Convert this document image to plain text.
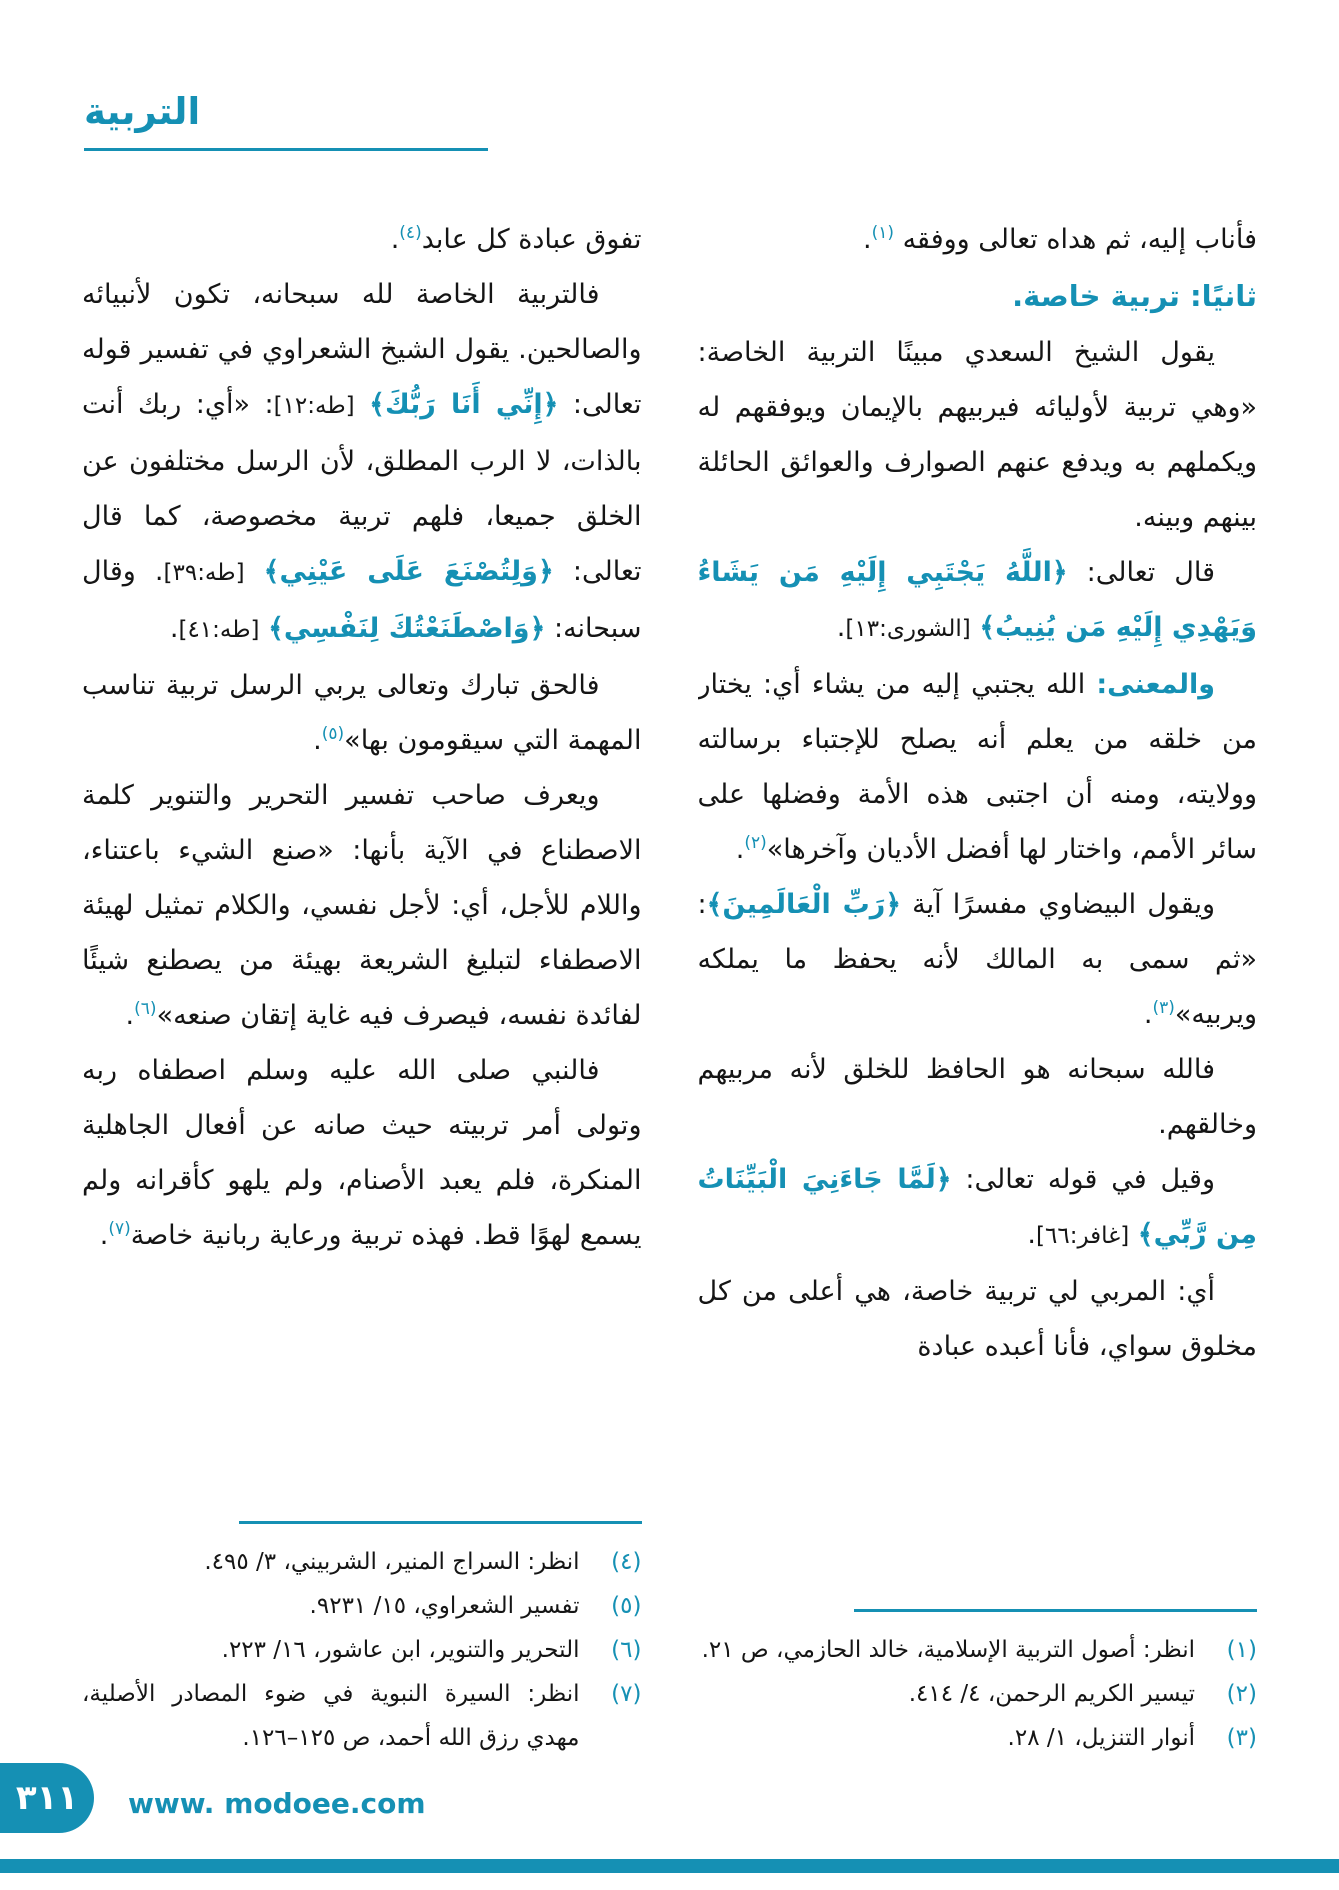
التربية

فأناب إليه، ثم هداه تعالى ووفقه $^{(١)}$.

ثانيًا: تربية خاصة.

يقول الشيخ السعدي مبينًا التربية الخاصة: «وهي تربية لأوليائه فيربيهم بالإيمان ويوفقهم له ويكملهم به ويدفع عنهم الصوارف والعوائق الحائلة بينهم وبينه.

قال تعالى: ﴿اللَّهُ يَجْتَبِي إِلَيْهِ مَن يَشَاءُ وَيَهْدِي إِلَيْهِ مَن يُنِيبُ﴾ [الشورى:١٣].

والمعنى: الله يجتبي إليه من يشاء أي: يختار من خلقه من يعلم أنه يصلح للإجتباء برسالته وولايته، ومنه أن اجتبى هذه الأمة وفضلها على سائر الأمم، واختار لها أفضل الأديان وآخرها»$^{(٢)}$.

ويقول البيضاوي مفسرًا آية ﴿رَبِّ الْعَالَمِينَ﴾: «ثم سمى به المالك لأنه يحفظ ما يملكه ويربيه»$^{(٣)}$.

فالله سبحانه هو الحافظ للخلق لأنه مربيهم وخالقهم.

وقيل في قوله تعالى: ﴿لَمَّا جَاءَنِيَ الْبَيِّنَاتُ مِن رَّبِّي﴾ [غافر:٦٦].

أي: المربي لي تربية خاصة، هي أعلى من كل مخلوق سواي، فأنا أعبده عبادة

(١)
انظر: أصول التربية الإسلامية، خالد الحازمي، ص ٢١.
(٢)
تيسير الكريم الرحمن، ٤/ ٤١٤.
(٣)
أنوار التنزيل، ١/ ٢٨.

تفوق عبادة كل عابد$^{(٤)}$.

فالتربية الخاصة لله سبحانه، تكون لأنبيائه والصالحين. يقول الشيخ الشعراوي في تفسير قوله تعالى: ﴿إِنِّي أَنَا رَبُّكَ﴾ [طه:١٢]: «أي: ربك أنت بالذات، لا الرب المطلق، لأن الرسل مختلفون عن الخلق جميعا، فلهم تربية مخصوصة، كما قال تعالى: ﴿وَلِتُصْنَعَ عَلَى عَيْنِي﴾ [طه:٣٩]. وقال سبحانه: ﴿وَاصْطَنَعْتُكَ لِنَفْسِي﴾ [طه:٤١].

فالحق تبارك وتعالى يربي الرسل تربية تناسب المهمة التي سيقومون بها»$^{(٥)}$.

ويعرف صاحب تفسير التحرير والتنوير كلمة الاصطناع في الآية بأنها: «صنع الشيء باعتناء، واللام للأجل، أي: لأجل نفسي، والكلام تمثيل لهيئة الاصطفاء لتبليغ الشريعة بهيئة من يصطنع شيئًا لفائدة نفسه، فيصرف فيه غاية إتقان صنعه»$^{(٦)}$.

فالنبي صلى الله عليه وسلم اصطفاه ربه وتولى أمر تربيته حيث صانه عن أفعال الجاهلية المنكرة، فلم يعبد الأصنام، ولم يلهو كأقرانه ولم يسمع لهوًا قط. فهذه تربية ورعاية ربانية خاصة$^{(٧)}$.

(٤)
انظر: السراج المنير، الشربيني، ٣/ ٤٩٥.
(٥)
تفسير الشعراوي، ١٥/ ٩٢٣١.
(٦)
التحرير والتنوير، ابن عاشور، ١٦/ ٢٢٣.
(٧)
انظر: السيرة النبوية في ضوء المصادر الأصلية، مهدي رزق الله أحمد، ص ١٢٥–١٢٦.
٣١١ www. modoee.com
